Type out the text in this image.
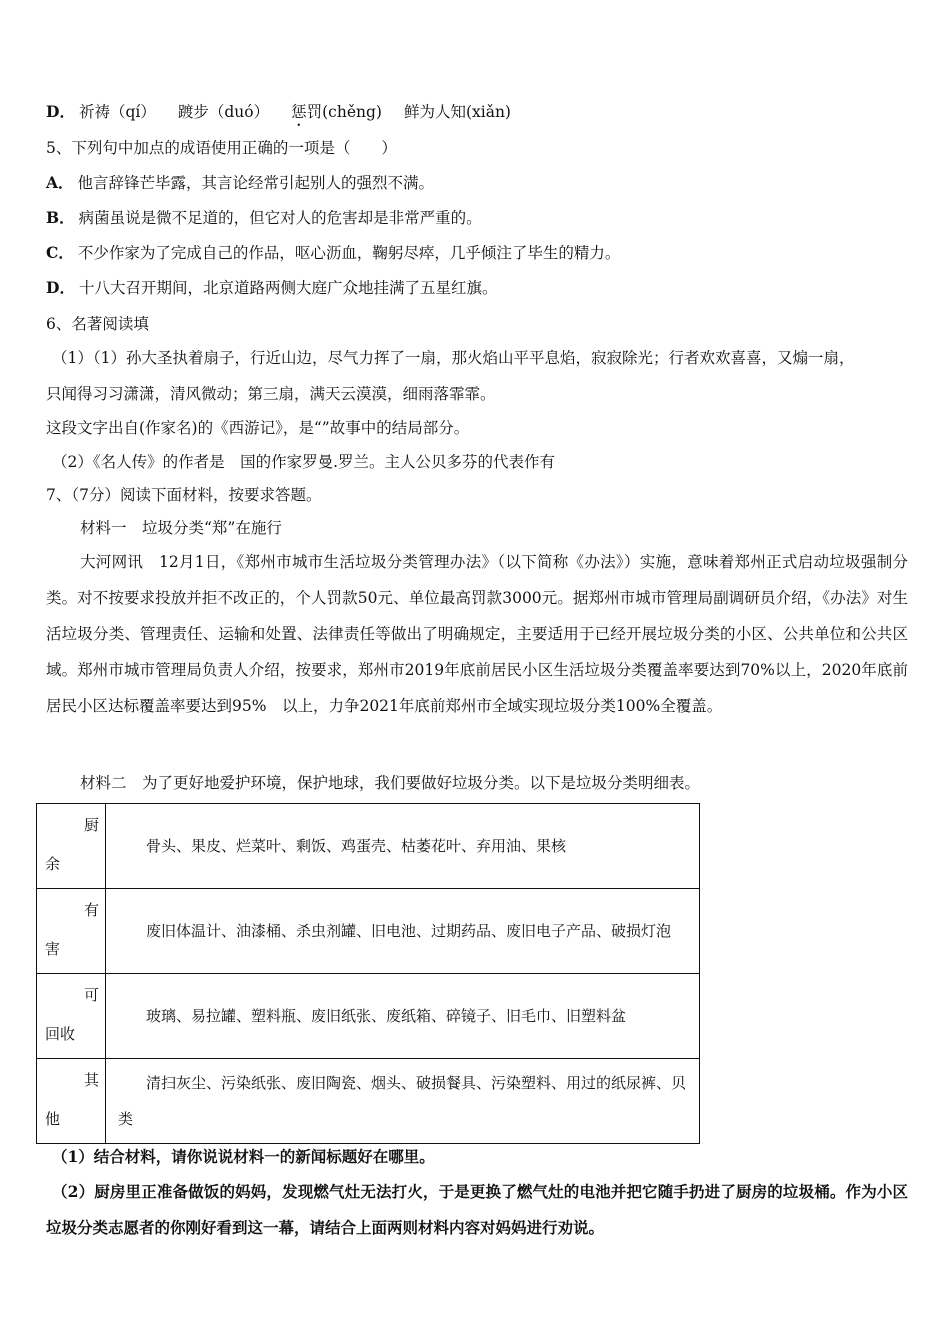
D． 祈祷（qí） 踱步（duó） 惩罚(chěng) 鲜为人知(xiǎn)
5、下列句中加点的成语使用正确的一项是（　　）
A． 他言辞锋芒毕露，其言论经常引起别人的强烈不满。
B． 病菌虽说是微不足道的，但它对人的危害却是非常严重的。
C． 不少作家为了完成自己的作品，呕心沥血，鞠躬尽瘁，几乎倾注了毕生的精力。
D． 十八大召开期间，北京道路两侧大庭广众地挂满了五星红旗。
6、名著阅读填
（1）（1）孙大圣执着扇子，行近山边，尽气力挥了一扇，那火焰山平平息焰，寂寂除光；行者欢欢喜喜，又煽一扇，
只闻得习习潇潇，清风微动；第三扇，满天云漠漠，细雨落霏霏。
这段文字出自(作家名)的《西游记》，是“”故事中的结局部分。
（2）《名人传》的作者是　国的作家罗曼.罗兰。主人公贝多芬的代表作有
7、（7分）阅读下面材料，按要求答题。
材料一　垃圾分类“郑”在施行
大河网讯　12月1日，《郑州市城市生活垃圾分类管理办法》（以下简称《办法》）实施，意味着郑州正式启动垃圾强制分类。对不按要求投放并拒不改正的，个人罚款50元、单位最高罚款3000元。据郑州市城市管理局副调研员介绍，《办法》对生活垃圾分类、管理责任、运输和处置、法律责任等做出了明确规定，主要适用于已经开展垃圾分类的小区、公共单位和公共区域。郑州市城市管理局负责人介绍，按要求，郑州市2019年底前居民小区生活垃圾分类覆盖率要达到70%以上，2020年底前居民小区达标覆盖率要达到95%　以上，力争2021年底前郑州市全域实现垃圾分类100%全覆盖。
材料二　为了更好地爱护环境，保护地球，我们要做好垃圾分类。以下是垃圾分类明细表。
厨
余	骨头、果皮、烂菜叶、剩饭、鸡蛋壳、枯萎花叶、弃用油、果核

有
害	废旧体温计、油漆桶、杀虫剂罐、旧电池、过期药品、废旧电子产品、破损灯泡

可
回收	玻璃、易拉罐、塑料瓶、废旧纸张、废纸箱、碎镜子、旧毛巾、旧塑料盆

其
他	清扫灰尘、污染纸张、废旧陶瓷、烟头、破损餐具、污染塑料、用过的纸尿裤、贝类
（1）结合材料，请你说说材料一的新闻标题好在哪里。
（2）厨房里正准备做饭的妈妈，发现燃气灶无法打火，于是更换了燃气灶的电池并把它随手扔进了厨房的垃圾桶。作为小区垃圾分类志愿者的你刚好看到这一幕，请结合上面两则材料内容对妈妈进行劝说。
